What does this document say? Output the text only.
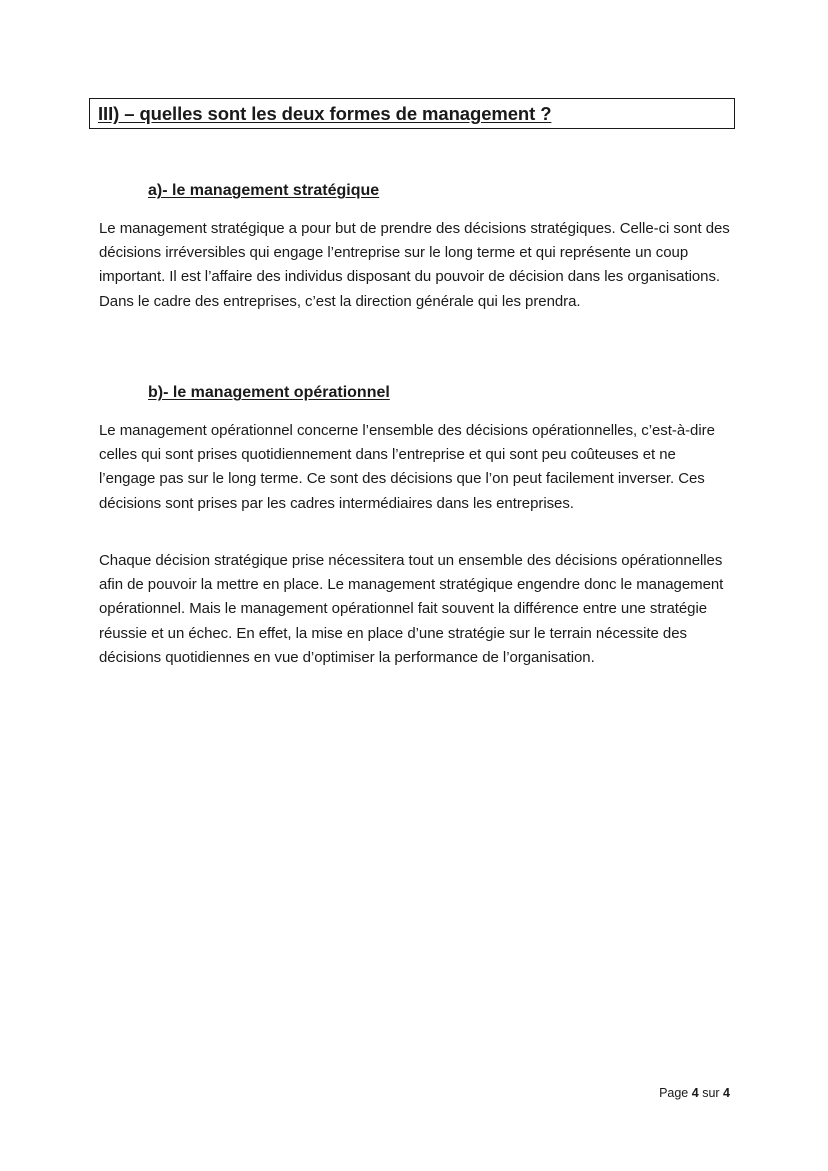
III) – quelles sont les deux formes de management ?
a)- le management stratégique

Le management stratégique a pour but de prendre des décisions stratégiques. Celle-ci sont des décisions irréversibles qui engage l’entreprise sur le long terme et qui représente un coup important. Il est l’affaire des individus disposant du pouvoir de décision dans les organisations. Dans le cadre des entreprises, c’est la direction générale qui les prendra.

b)- le management opérationnel

Le management opérationnel concerne l’ensemble des décisions opérationnelles, c’est-à-dire celles qui sont prises quotidiennement dans l’entreprise et qui sont peu coûteuses et ne l’engage pas sur le long terme. Ce sont des décisions que l’on peut facilement inverser. Ces décisions sont prises par les cadres intermédiaires dans les entreprises.

Chaque décision stratégique prise nécessitera tout un ensemble des décisions opérationnelles afin de pouvoir la mettre en place. Le management stratégique engendre donc le management opérationnel. Mais le management opérationnel fait souvent la différence entre une stratégie réussie et un échec. En effet, la mise en place d’une stratégie sur le terrain nécessite des décisions quotidiennes en vue d’optimiser la performance de l’organisation.

Page 4 sur 4
